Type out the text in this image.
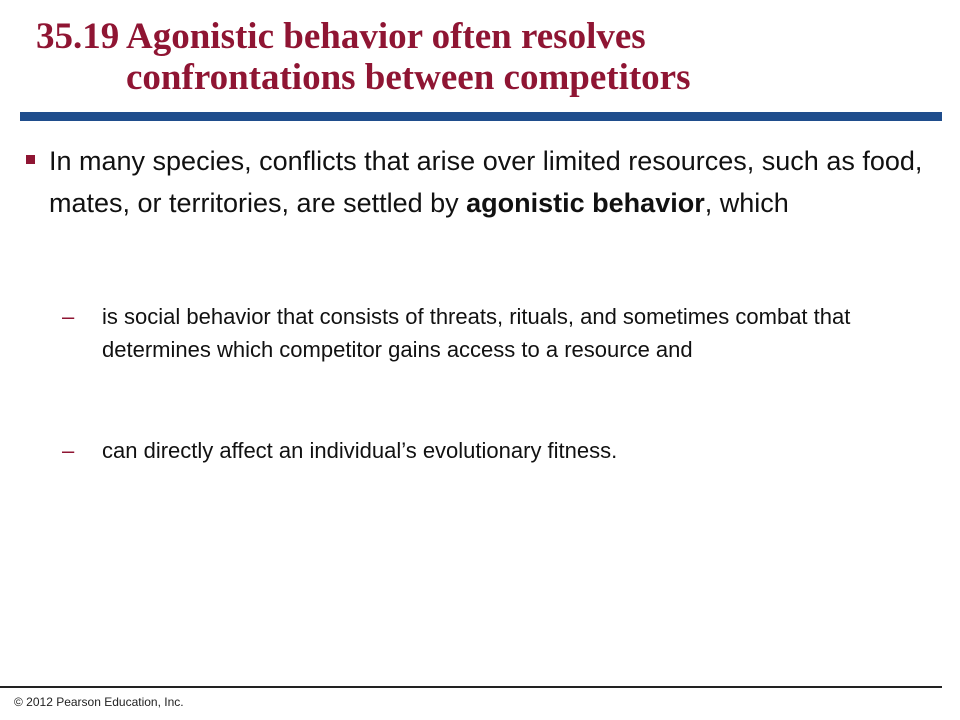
35.19 Agonistic behavior often resolves
confrontations between competitors
In many species, conflicts that arise over limited resources, such as food, mates, or territories, are settled by agonistic behavior, which
–	is social behavior that consists of threats, rituals, and sometimes combat that determines which competitor gains access to a resource and
–	can directly affect an individual’s evolutionary fitness.
© 2012 Pearson Education, Inc.
